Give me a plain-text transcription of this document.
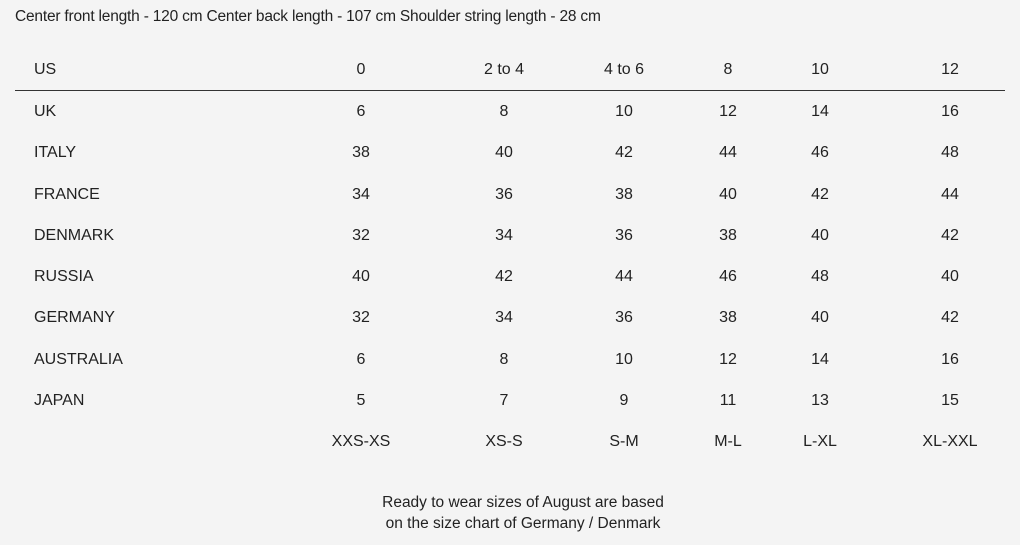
Center front length - 120 cm Center back length - 107 cm Shoulder string length - 28 cm
US	0	2 to 4	4 to 6	8	10	12
UK	6	8	10	12	14	16
ITALY	38	40	42	44	46	48
FRANCE	34	36	38	40	42	44
DENMARK	32	34	36	38	40	42
RUSSIA	40	42	44	46	48	40
GERMANY	32	34	36	38	40	42
AUSTRALIA	6	8	10	12	14	16
JAPAN	5	7	9	11	13	15
	XXS-XS	XS-S	S-M	M-L	L-XL	XL-XXL
Ready to wear sizes of August are based
on the size chart of Germany / Denmark
